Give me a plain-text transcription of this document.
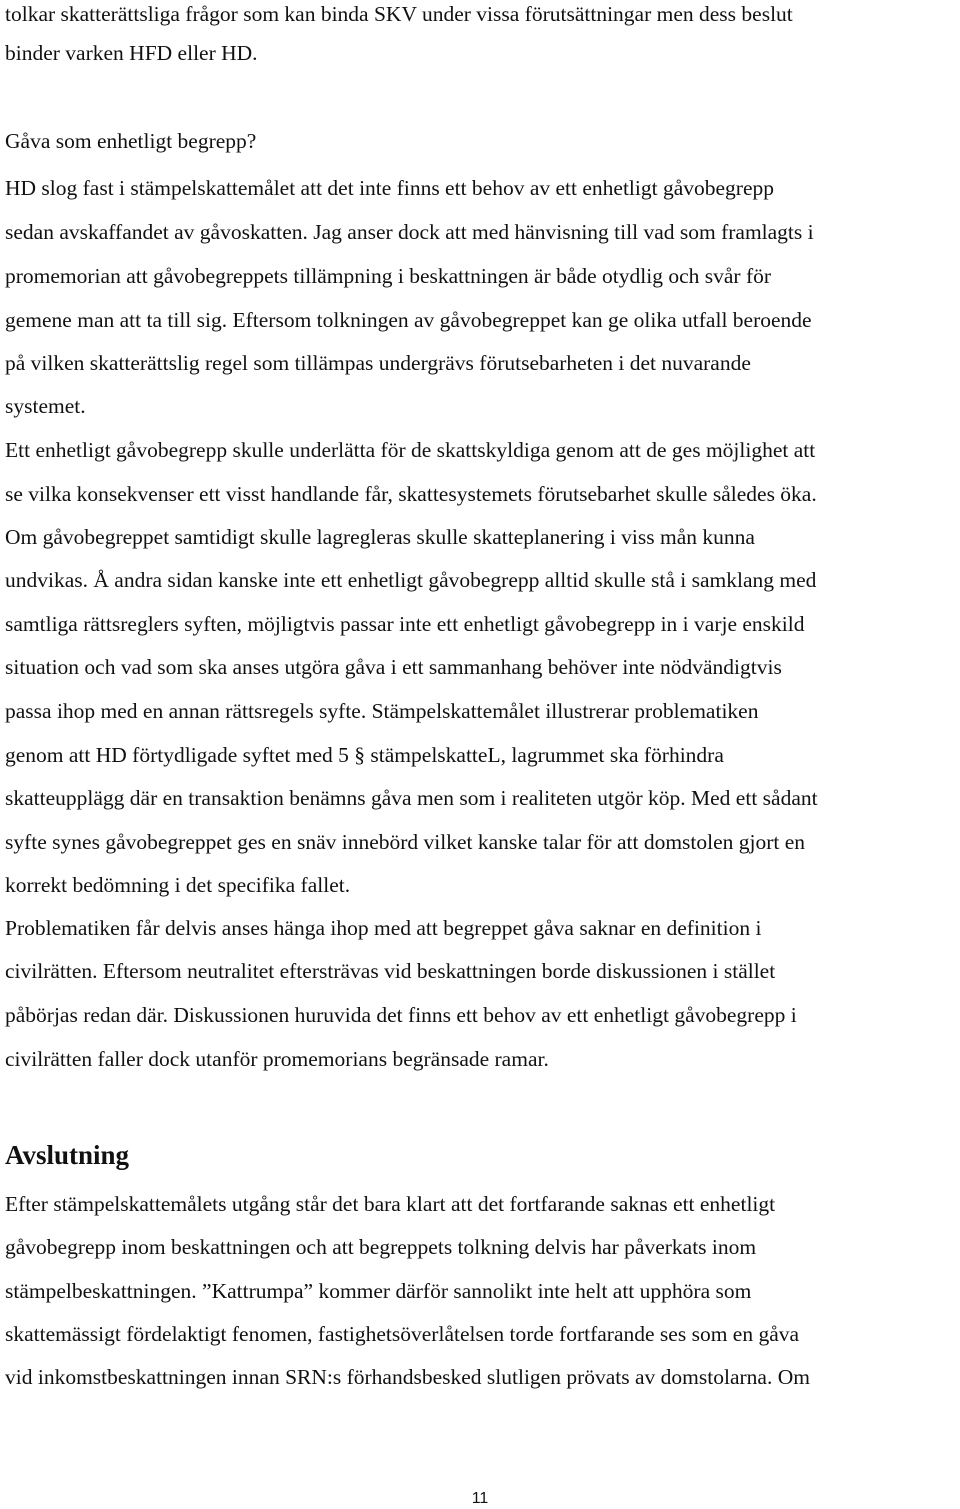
tolkar skatterättsliga frågor som kan binda SKV under vissa förutsättningar men dess beslut
binder varken HFD eller HD.
Gåva som enhetligt begrepp?
HD slog fast i stämpelskattemålet att det inte finns ett behov av ett enhetligt gåvobegrepp
sedan avskaffandet av gåvoskatten. Jag anser dock att med hänvisning till vad som framlagts i
promemorian att gåvobegreppets tillämpning i beskattningen är både otydlig och svår för
gemene man att ta till sig. Eftersom tolkningen av gåvobegreppet kan ge olika utfall beroende
på vilken skatterättslig regel som tillämpas undergrävs förutsebarheten i det nuvarande
systemet.
Ett enhetligt gåvobegrepp skulle underlätta för de skattskyldiga genom att de ges möjlighet att
se vilka konsekvenser ett visst handlande får, skattesystemets förutsebarhet skulle således öka.
Om gåvobegreppet samtidigt skulle lagregleras skulle skatteplanering i viss mån kunna
undvikas. Å andra sidan kanske inte ett enhetligt gåvobegrepp alltid skulle stå i samklang med
samtliga rättsreglers syften, möjligtvis passar inte ett enhetligt gåvobegrepp in i varje enskild
situation och vad som ska anses utgöra gåva i ett sammanhang behöver inte nödvändigtvis
passa ihop med en annan rättsregels syfte. Stämpelskattemålet illustrerar problematiken
genom att HD förtydligade syftet med 5 § stämpelskatteL, lagrummet ska förhindra
skatteupplägg där en transaktion benämns gåva men som i realiteten utgör köp. Med ett sådant
syfte synes gåvobegreppet ges en snäv innebörd vilket kanske talar för att domstolen gjort en
korrekt bedömning i det specifika fallet.
Problematiken får delvis anses hänga ihop med att begreppet gåva saknar en definition i
civilrätten. Eftersom neutralitet eftersträvas vid beskattningen borde diskussionen i stället
påbörjas redan där. Diskussionen huruvida det finns ett behov av ett enhetligt gåvobegrepp i
civilrätten faller dock utanför promemorians begränsade ramar.
Avslutning
Efter stämpelskattemålets utgång står det bara klart att det fortfarande saknas ett enhetligt
gåvobegrepp inom beskattningen och att begreppets tolkning delvis har påverkats inom
stämpelbeskattningen. ”Kattrumpa” kommer därför sannolikt inte helt att upphöra som
skattemässigt fördelaktigt fenomen, fastighetsöverlåtelsen torde fortfarande ses som en gåva
vid inkomstbeskattningen innan SRN:s förhandsbesked slutligen prövats av domstolarna. Om
11
